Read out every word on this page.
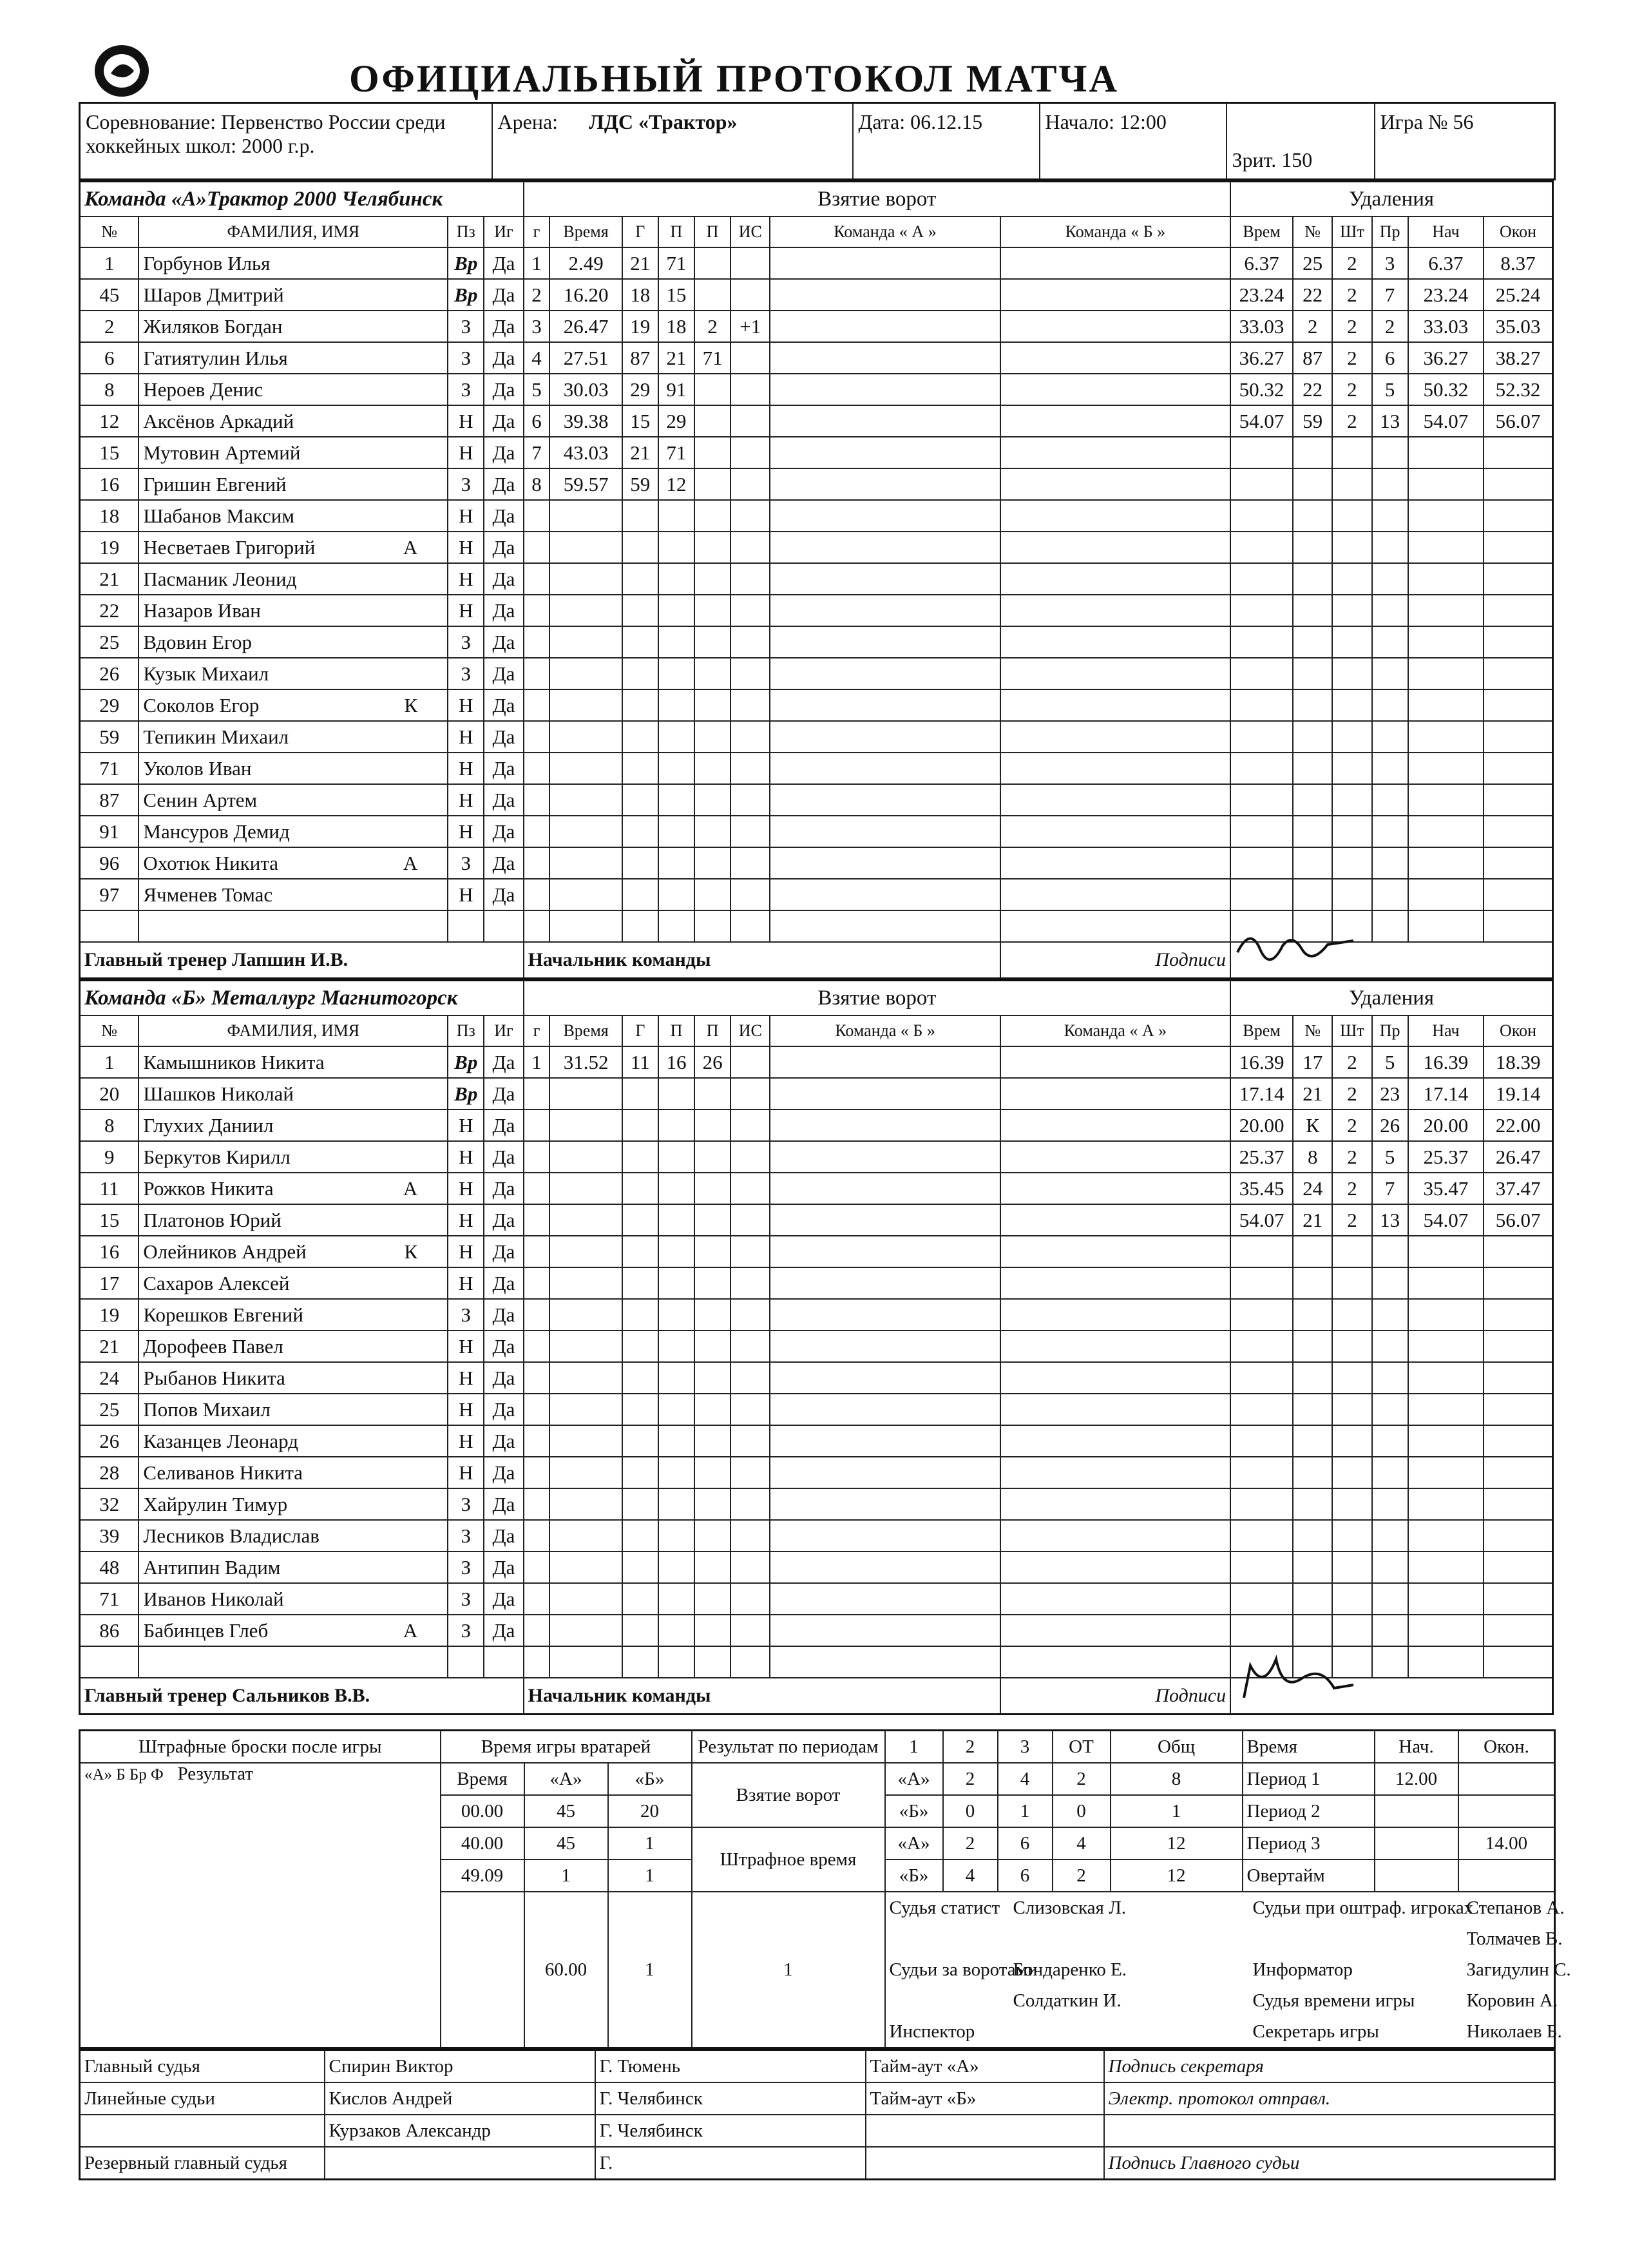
ОФИЦИАЛЬНЫЙ ПРОТОКОЛ МАТЧА
Соревнование: Первенство России среди хоккейных школ: 2000 г.р.	Арена: ЛДС «Трактор»	Дата: 06.12.15	Начало: 12:00	Зрит. 150	Игра № 56
Команда «А»Трактор 2000 Челябинск				Взятие ворот								Удаления					
№	ФАМИЛИЯ, ИМЯ	Пз	Иг	г	Время	Г	П	П	ИС	Команда « А »	Команда « Б »	Врем	№	Шт	Пр	Нач	Окон
1	Горбунов Илья	Вр	Да	1	2.49	21	71					6.37	25	2	3	6.37	8.37
45	Шаров Дмитрий	Вр	Да	2	16.20	18	15					23.24	22	2	7	23.24	25.24
2	Жиляков Богдан	З	Да	3	26.47	19	18	2	+1			33.03	2	2	2	33.03	35.03
6	Гатиятулин Илья	З	Да	4	27.51	87	21	71				36.27	87	2	6	36.27	38.27
8	Нероев Денис	З	Да	5	30.03	29	91					50.32	22	2	5	50.32	52.32
12	Аксёнов Аркадий	Н	Да	6	39.38	15	29					54.07	59	2	13	54.07	56.07
15	Мутовин Артемий	Н	Да	7	43.03	21	71										
16	Гришин Евгений	З	Да	8	59.57	59	12										
18	Шабанов Максим	Н	Да														
19	Несветаев Григорий А	Н	Да														
21	Пасманик Леонид	Н	Да														
22	Назаров Иван	Н	Да														
25	Вдовин Егор	З	Да														
26	Кузык Михаил	З	Да														
29	Соколов Егор К	Н	Да														
59	Тепикин Михаил	Н	Да														
71	Уколов Иван	Н	Да														
87	Сенин Артем	Н	Да														
91	Мансуров Демид	Н	Да														
96	Охотюк Никита А	З	Да														
97	Ячменев Томас	Н	Да														

Главный тренер Лапшин И.В.				Начальник команды							Подписи	
Команда «Б» Металлург Магнитогорск				Взятие ворот								Удаления					
№	ФАМИЛИЯ, ИМЯ	Пз	Иг	г	Время	Г	П	П	ИС	Команда « Б »	Команда « А »	Врем	№	Шт	Пр	Нач	Окон
1	Камышников Никита	Вр	Да	1	31.52	11	16	26				16.39	17	2	5	16.39	18.39
20	Шашков Николай	Вр	Да									17.14	21	2	23	17.14	19.14
8	Глухих Даниил	Н	Да									20.00	К	2	26	20.00	22.00
9	Беркутов Кирилл	Н	Да									25.37	8	2	5	25.37	26.47
11	Рожков Никита А	Н	Да									35.45	24	2	7	35.47	37.47
15	Платонов Юрий	Н	Да									54.07	21	2	13	54.07	56.07
16	Олейников Андрей К	Н	Да														
17	Сахаров Алексей	Н	Да														
19	Корешков Евгений	З	Да														
21	Дорофеев Павел	Н	Да														
24	Рыбанов Никита	Н	Да														
25	Попов Михаил	Н	Да														
26	Казанцев Леонард	Н	Да														
28	Селиванов Никита	Н	Да														
32	Хайрулин Тимур	З	Да														
39	Лесников Владислав	З	Да														
48	Антипин Вадим	З	Да														
71	Иванов Николай	З	Да														
86	Бабинцев Глеб А	З	Да														

Главный тренер Сальников В.В.				Начальник команды							Подписи	
Штрафные броски после игры	Время игры вратарей	Результат по периодам	1	2	3	ОТ	Общ	Время	Нач.	Окон.
«А» Б Бр Ф Результат	Время	«А»	«Б»	Взятие ворот	«А»	2	4	2	8	Период 1	12.00	
00.00	45	20	«Б»	0	1	0	1	Период 2		
40.00	45	1	Штрафное время	«А»	2	6	4	12	Период 3		14.00
49.09	1	1	«Б»	4	6	2	12	Овертайм		
	60.00	1	1	
Судья статист	Слизовская Л.	Судьи при оштраф. игроках	Степанов А.
			Толмачев В.
Судьи за воротами	Бондаренко Е.	Информатор	Загидулин С.
	Солдаткин И.	Судья времени игры	Коровин А.
Инспектор		Секретарь игры	Николаев Б.
Главный судья	Спирин Виктор	Г. Тюмень	Тайм-аут «А»	Подпись секретаря
Линейные судьи	Кислов Андрей	Г. Челябинск	Тайм-аут «Б»	Электр. протокол отправл.
	Курзаков Александр	Г. Челябинск		
Резервный главный судья		Г.		Подпись Главного судьи
